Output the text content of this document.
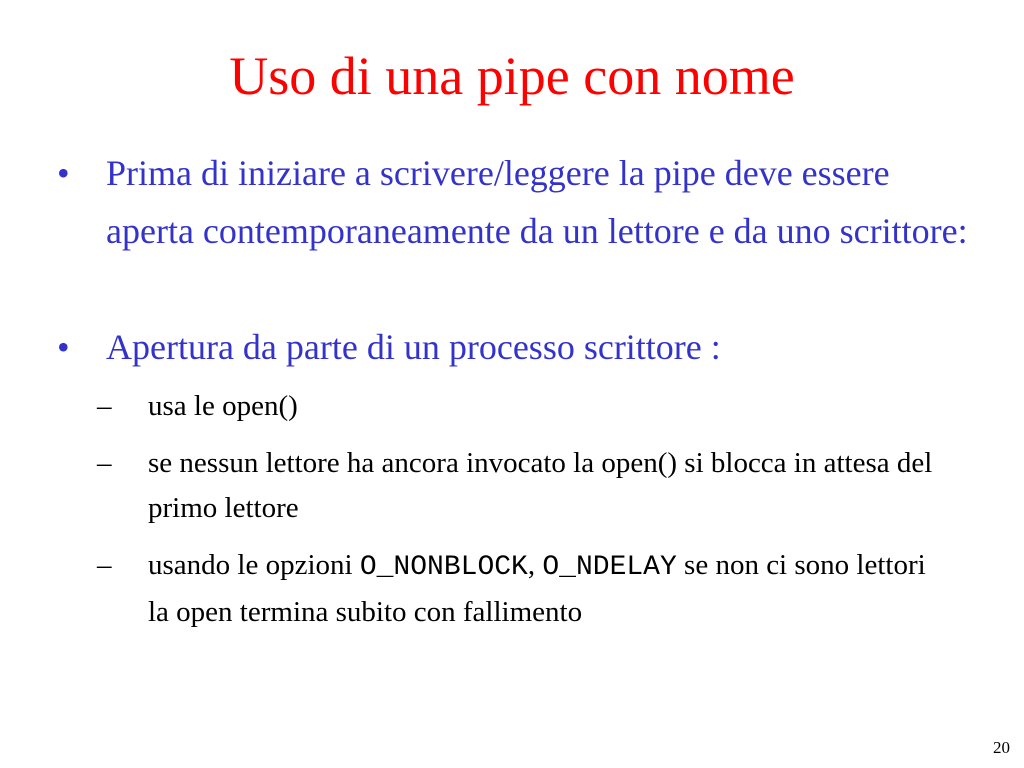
Uso di una pipe con nome
• Prima di iniziare a scrivere/leggere la pipe deve essere aperta contemporaneamente da un lettore e da uno scrittore:
• Apertura da parte di un processo scrittore :
– usa le open()
– se nessun lettore ha ancora invocato la open() si blocca in attesa del primo lettore
– usando le opzioni O_NONBLOCK, O_NDELAY se non ci sono lettori la open termina subito con fallimento
20
